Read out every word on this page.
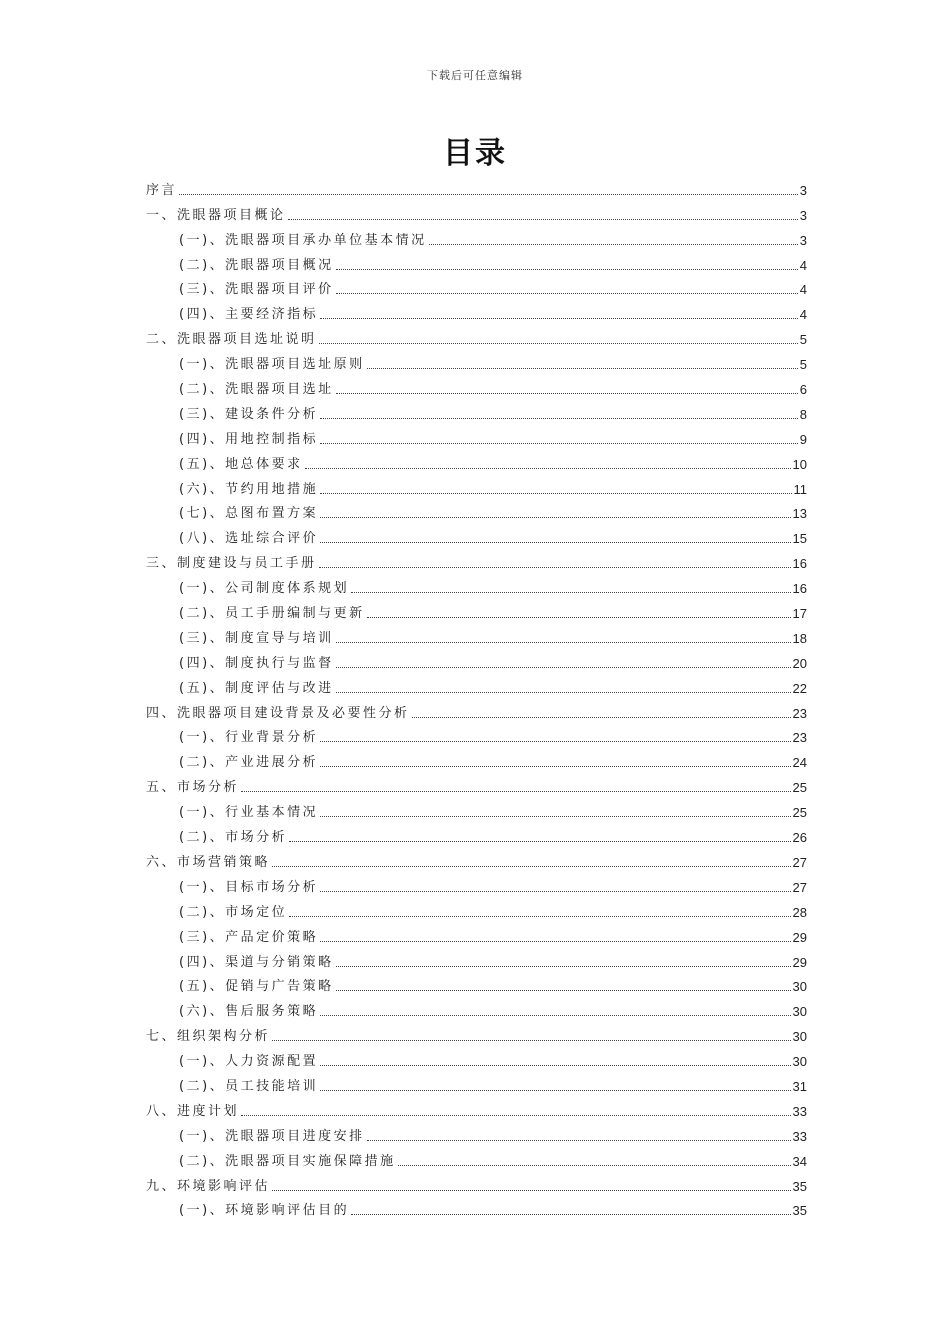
下载后可任意编辑
目录
序言	3
一、洗眼器项目概论	3
(一)、洗眼器项目承办单位基本情况	3
(二)、洗眼器项目概况	4
(三)、洗眼器项目评价	4
(四)、主要经济指标	4
二、洗眼器项目选址说明	5
(一)、洗眼器项目选址原则	5
(二)、洗眼器项目选址	6
(三)、建设条件分析	8
(四)、用地控制指标	9
(五)、地总体要求	10
(六)、节约用地措施	11
(七)、总图布置方案	13
(八)、选址综合评价	15
三、制度建设与员工手册	16
(一)、公司制度体系规划	16
(二)、员工手册编制与更新	17
(三)、制度宣导与培训	18
(四)、制度执行与监督	20
(五)、制度评估与改进	22
四、洗眼器项目建设背景及必要性分析	23
(一)、行业背景分析	23
(二)、产业进展分析	24
五、市场分析	25
(一)、行业基本情况	25
(二)、市场分析	26
六、市场营销策略	27
(一)、目标市场分析	27
(二)、市场定位	28
(三)、产品定价策略	29
(四)、渠道与分销策略	29
(五)、促销与广告策略	30
(六)、售后服务策略	30
七、组织架构分析	30
(一)、人力资源配置	30
(二)、员工技能培训	31
八、进度计划	33
(一)、洗眼器项目进度安排	33
(二)、洗眼器项目实施保障措施	34
九、环境影响评估	35
(一)、环境影响评估目的	35
